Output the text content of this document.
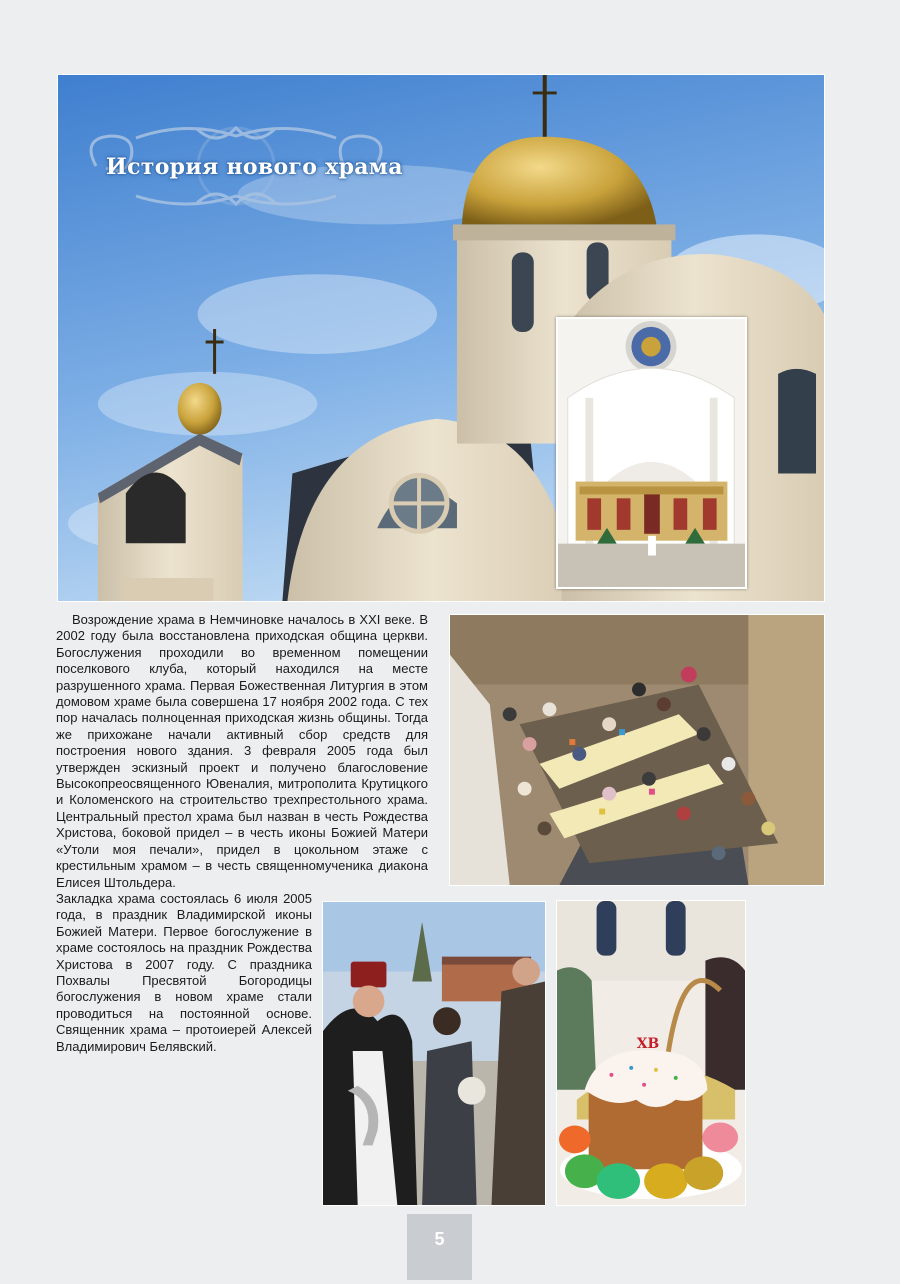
История нового храма

Возрождение храма в Немчиновке началось в XXI веке. В 2002 году была восстановлена приходская община церкви. Богослужения проходили во временном помещении поселкового клуба, который находился на месте разрушенного храма. Первая Божественная Литургия в этом домовом храме была совершена 17 ноября 2002 года. С тех пор началась полноценная приходская жизнь общины. Тогда же прихожане начали активный сбор средств для построения нового здания. 3 февраля 2005 года был утвержден эскизный проект и получено благословение Высокопреосвященного Ювеналия, митрополита Крутицкого и Коломенского на строительство трехпрестольного храма. Центральный престол храма был назван в честь Рождества Христова, боковой придел – в честь иконы Божией Матери «Утоли моя печали», придел в цокольном этаже с крестильным храмом – в честь священномученика диакона Елисея Штольдера.

Закладка храма состоялась 6 июля 2005 года, в праздник Владимирской иконы Божией Матери. Первое богослужение в храме состоялось на праздник Рождества Христова в 2007 году. С праздника Похвалы Пресвятой Богородицы богослужения в новом храме стали проводиться на постоянной основе. Священник храма – протоиерей Алексей Владимирович Белявский.	ХВ
5
